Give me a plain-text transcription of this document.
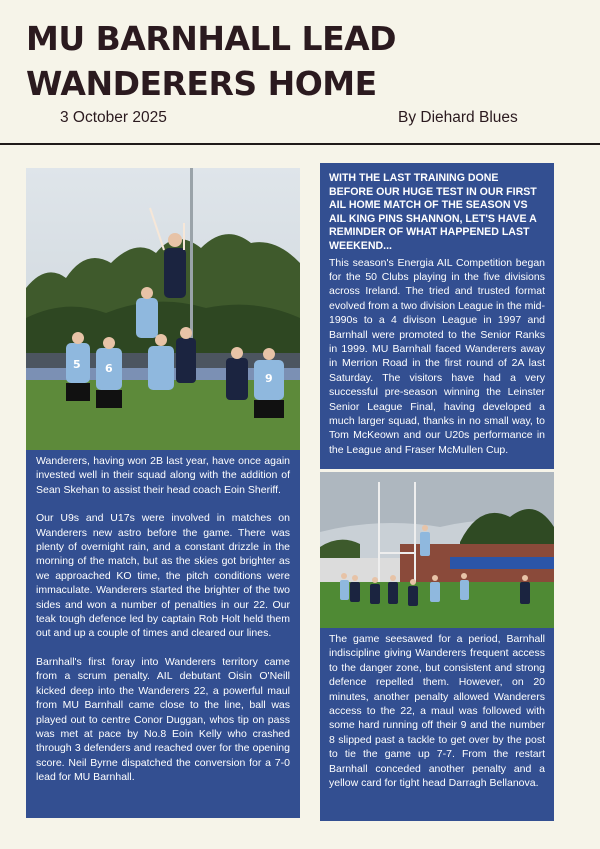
MU BARNHALL LEAD WANDERERS HOME
3 October 2025	By Diehard Blues
5 6
9

Wanderers, having won 2B last year, have once again invested well in their squad along with the addition of Sean Skehan to assist their head coach Eoin Sheriff.

Our U9s and U17s were involved in matches on Wanderers new astro before the game. There was plenty of overnight rain, and a constant drizzle in the morning of the match, but as the skies got brighter as we approached KO time, the pitch conditions were immaculate. Wanderers started the brighter of the two sides and won a number of penalties in our 22. Our teak tough defence led by captain Rob Holt held them out and up a couple of times and cleared our lines.

Barnhall's first foray into Wanderers territory came from a scrum penalty. AIL debutant Oisin O'Neill kicked deep into the Wanderers 22, a powerful maul from MU Barnhall came close to the line, ball was played out to centre Conor Duggan, whos tip on pass was met at pace by No.8 Eoin Kelly who crashed through 3 defenders and reached over for the opening score. Neil Byrne dispatched the conversion for a 7-0 lead for MU Barnhall.

WITH THE LAST TRAINING DONE BEFORE OUR HUGE TEST IN OUR FIRST AIL HOME MATCH OF THE SEASON VS AIL KING PINS SHANNON, LET'S HAVE A REMINDER OF WHAT HAPPENED LAST WEEKEND...

This season's Energia AIL Competition began for the 50 Clubs playing in the five divisions across Ireland. The tried and trusted format evolved from a two division League in the mid-1990s to a 4 divison League in 1997 and Barnhall were promoted to the Senior Ranks in 1999. MU Barnhall faced Wanderers away in Merrion Road in the first round of 2A last Saturday. The visitors have had a very successful pre-season winning the Leinster Senior League Final, having developed a much larger squad, thanks in no small way, to Tom McKeown and our U20s performance in the League and Fraser McMullen Cup.

The game seesawed for a period, Barnhall indiscipline giving Wanderers frequent access to the danger zone, but consistent and strong defence repelled them. However, on 20 minutes, another penalty allowed Wanderers access to the 22, a maul was followed with some hard running off their 9 and the number 8 slipped past a tackle to get over by the post to tie the game up 7-7. From the restart Barnhall conceded another penalty and a yellow card for tight head Darragh Bellanova.
